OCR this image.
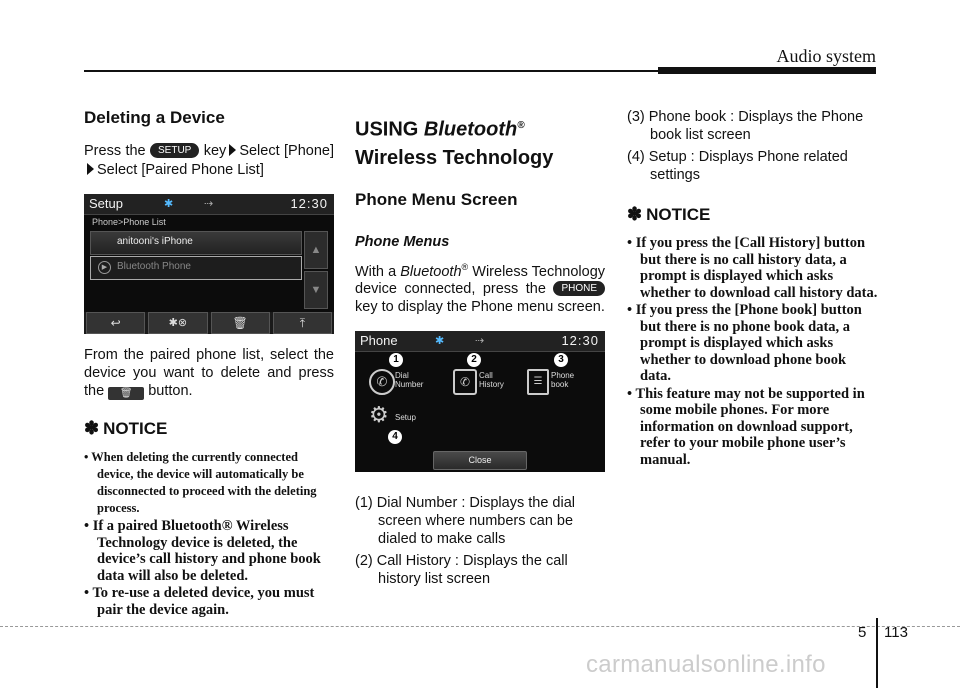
Audio system
Deleting a Device

Press the SETUP key Select [Phone]Select [Paired Phone List]

Setup	✱	⇢	12:30
Phone>Phone List
anitooni's iPhone
▶ Bluetooth Phone
▲
▼
↩	✱⊗	🗑	⤒

From the paired phone list, select the device you want to delete and press the 🗑 button.

✽ NOTICE
• When deleting the currently connected device, the device will automatically be disconnected to proceed with the deleting process.
• If a paired Bluetooth® Wireless Technology device is deleted, the device’s call history and phone book data will also be deleted.
• To re-use a deleted device, you must pair the device again.
USING Bluetooth® Wireless Technology
Phone Menu Screen
Phone Menus

With a Bluetooth® Wireless Technology device connected, press the PHONE key to display the Phone menu screen.

Phone	✱	⇢	12:30
1
✆ Dial
Number
2
✆	Call
History
3
☰
Phone
book
⚙ Setup
4
Close
(1) Dial Number : Displays the dial screen where numbers can be dialed to make calls
(2) Call History : Displays the call history list screen
(3) Phone book : Displays the Phone book list screen
(4) Setup : Displays Phone related settings
✽ NOTICE
• If you press the [Call History] button but there is no call history data, a prompt is displayed which asks whether to download call history data.
• If you press the [Phone book] button but there is no phone book data, a prompt is displayed which asks whether to download phone book data.
• This feature may not be supported in some mobile phones. For more information on download support, refer to your mobile phone user’s manual.
5 113
carmanualsonline.info
